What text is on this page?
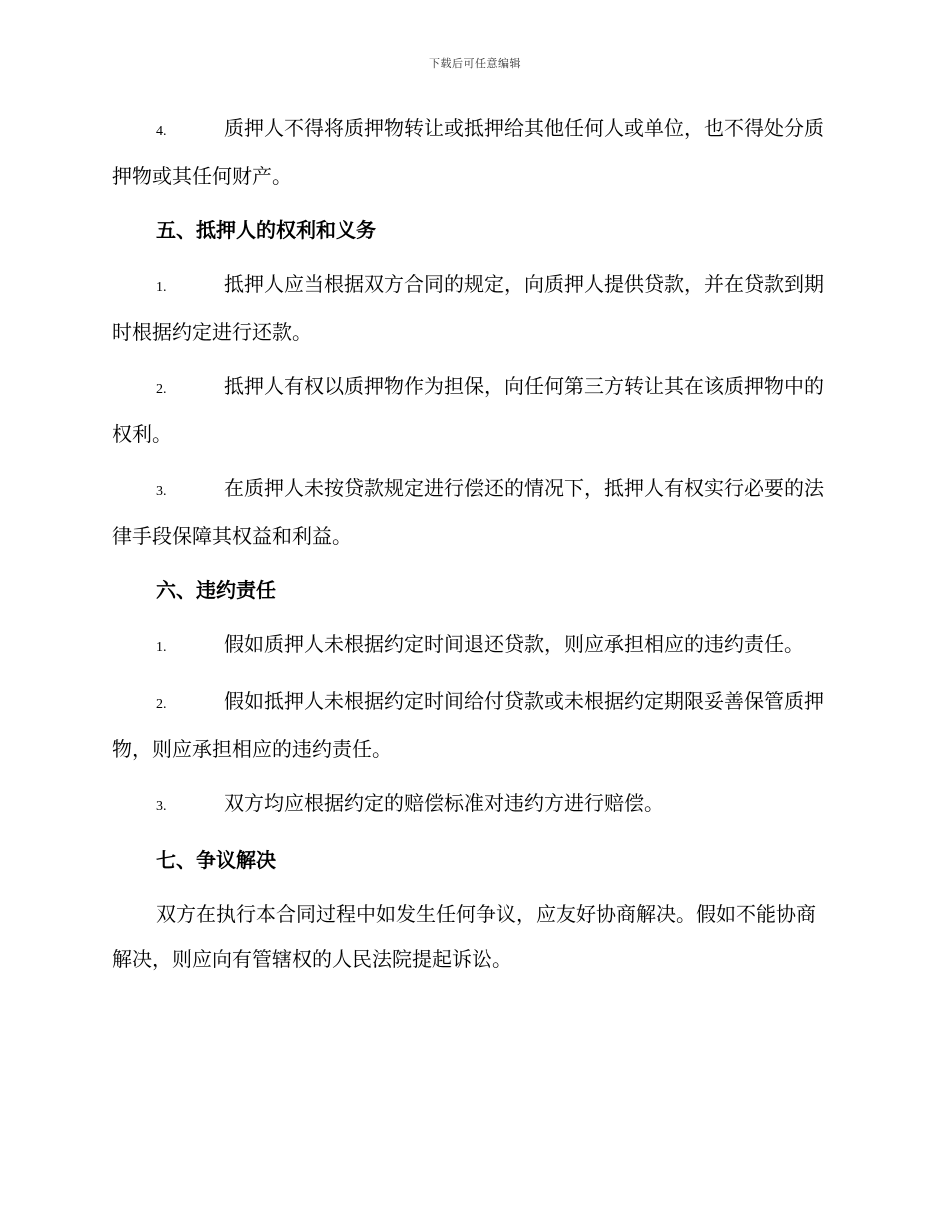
下载后可任意编辑

4.	质押人不得将质押物转让或抵押给其他任何人或单位，也不得处分质押物或其任何财产。

五、抵押人的权利和义务

1.	抵押人应当根据双方合同的规定，向质押人提供贷款，并在贷款到期时根据约定进行还款。

2.	抵押人有权以质押物作为担保，向任何第三方转让其在该质押物中的权利。

3.	在质押人未按贷款规定进行偿还的情况下，抵押人有权实行必要的法律手段保障其权益和利益。

六、违约责任

1.	假如质押人未根据约定时间退还贷款，则应承担相应的违约责任。

2.	假如抵押人未根据约定时间给付贷款或未根据约定期限妥善保管质押物，则应承担相应的违约责任。

3.	双方均应根据约定的赔偿标准对违约方进行赔偿。

七、争议解决

双方在执行本合同过程中如发生任何争议，应友好协商解决。假如不能协商解决，则应向有管辖权的人民法院提起诉讼。
